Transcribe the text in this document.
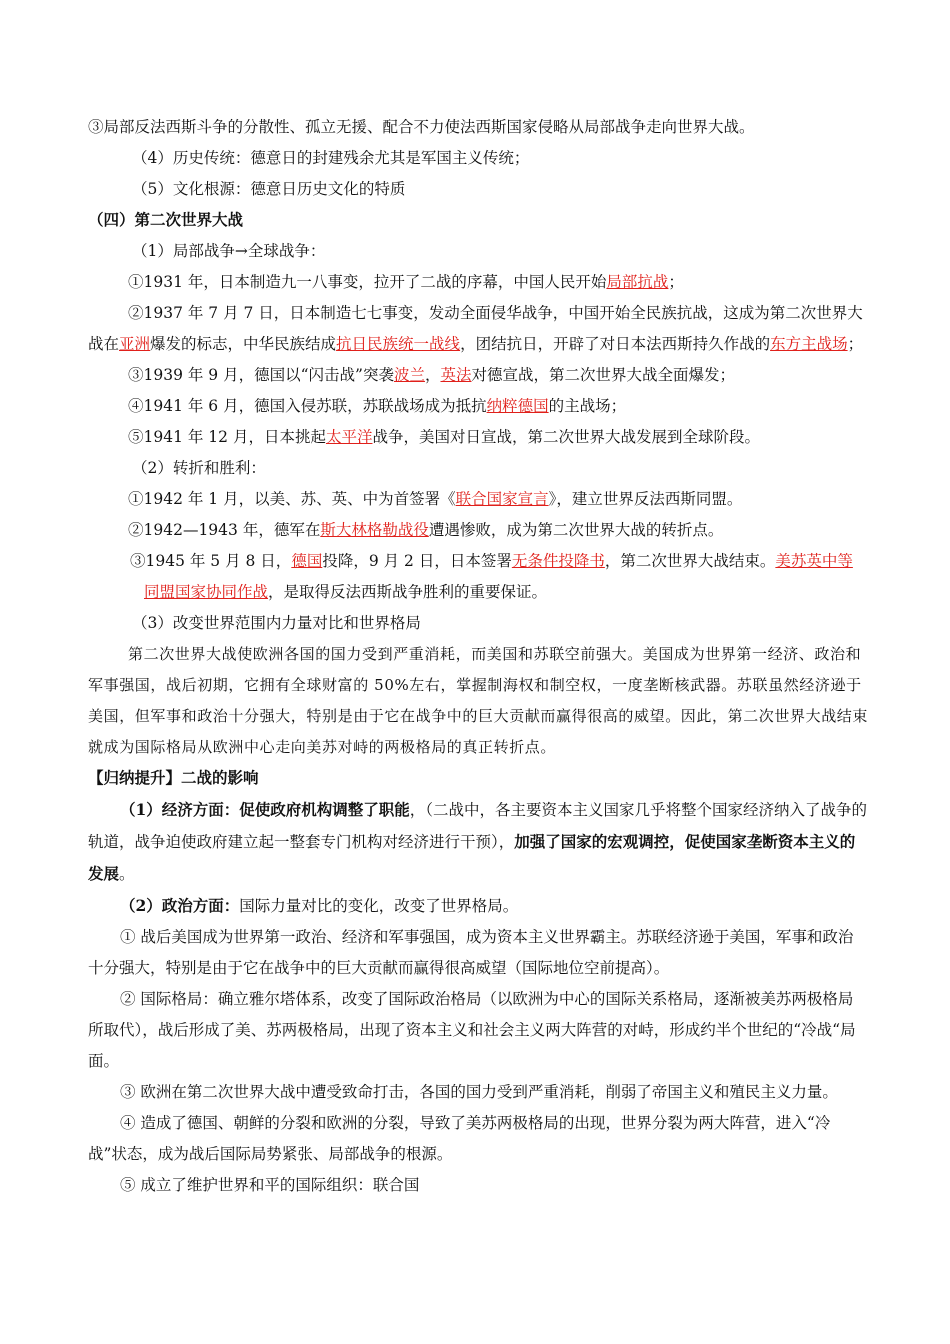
③局部反法西斯斗争的分散性、孤立无援、配合不力使法西斯国家侵略从局部战争走向世界大战。

（4）历史传统：德意日的封建残余尤其是军国主义传统；

（5）文化根源：德意日历史文化的特质

（四）第二次世界大战

（1）局部战争→全球战争：

①1931 年，日本制造九一八事变，拉开了二战的序幕，中国人民开始局部抗战；

②1937 年 7 月 7 日，日本制造七七事变，发动全面侵华战争，中国开始全民族抗战，这成为第二次世界大战在亚洲爆发的标志，中华民族结成抗日民族统一战线，团结抗日，开辟了对日本法西斯持久作战的东方主战场；

③1939 年 9 月，德国以“闪击战”突袭波兰，英法对德宣战，第二次世界大战全面爆发；

④1941 年 6 月，德国入侵苏联，苏联战场成为抵抗纳粹德国的主战场；

⑤1941 年 12 月，日本挑起太平洋战争，美国对日宣战，第二次世界大战发展到全球阶段。

（2）转折和胜利：

①1942 年 1 月，以美、苏、英、中为首签署《联合国家宣言》，建立世界反法西斯同盟。

②1942—1943 年，德军在斯大林格勒战役遭遇惨败，成为第二次世界大战的转折点。

③1945 年 5 月 8 日，德国投降，9 月 2 日，日本签署无条件投降书，第二次世界大战结束。美苏英中等同盟国家协同作战，是取得反法西斯战争胜利的重要保证。

（3）改变世界范围内力量对比和世界格局

第二次世界大战使欧洲各国的国力受到严重消耗，而美国和苏联空前强大。美国成为世界第一经济、政治和军事强国，战后初期，它拥有全球财富的 50%左右，掌握制海权和制空权，一度垄断核武器。苏联虽然经济逊于美国，但军事和政治十分强大，特别是由于它在战争中的巨大贡献而赢得很高的威望。因此，第二次世界大战结束就成为国际格局从欧洲中心走向美苏对峙的两极格局的真正转折点。

【归纳提升】二战的影响

（1）经济方面：促使政府机构调整了职能，（二战中，各主要资本主义国家几乎将整个国家经济纳入了战争的轨道，战争迫使政府建立起一整套专门机构对经济进行干预），加强了国家的宏观调控，促使国家垄断资本主义的发展。

（2）政治方面：国际力量对比的变化，改变了世界格局。

① 战后美国成为世界第一政治、经济和军事强国，成为资本主义世界霸主。苏联经济逊于美国，军事和政治十分强大，特别是由于它在战争中的巨大贡献而赢得很高威望（国际地位空前提高）。

② 国际格局：确立雅尔塔体系，改变了国际政治格局（以欧洲为中心的国际关系格局，逐渐被美苏两极格局所取代），战后形成了美、苏两极格局，出现了资本主义和社会主义两大阵营的对峙，形成约半个世纪的“冷战“局面。

③ 欧洲在第二次世界大战中遭受致命打击，各国的国力受到严重消耗，削弱了帝国主义和殖民主义力量。

④ 造成了德国、朝鲜的分裂和欧洲的分裂，导致了美苏两极格局的出现，世界分裂为两大阵营，进入“冷战”状态，成为战后国际局势紧张、局部战争的根源。

⑤ 成立了维护世界和平的国际组织：联合国
